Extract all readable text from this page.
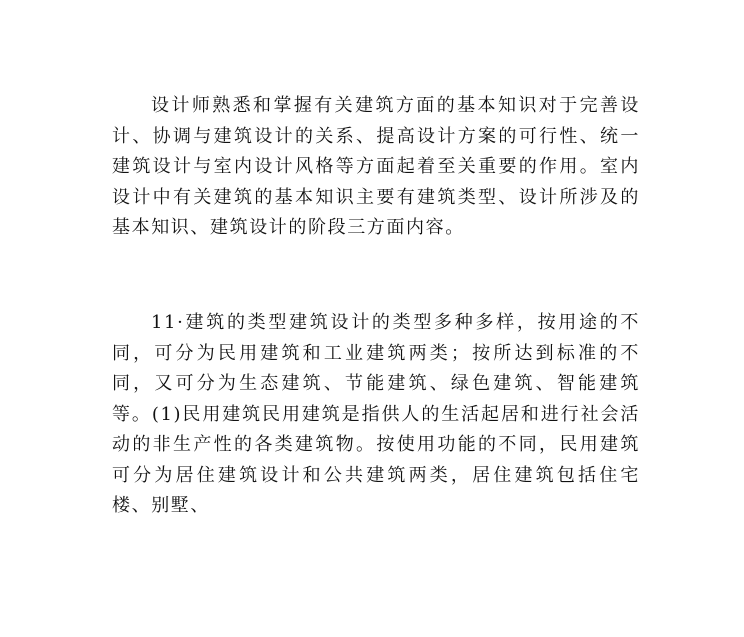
设计师熟悉和掌握有关建筑方面的基本知识对于完善设计、协调与建筑设计的关系、提高设计方案的可行性、统一建筑设计与室内设计风格等方面起着至关重要的作用。室内设计中有关建筑的基本知识主要有建筑类型、设计所涉及的基本知识、建筑设计的阶段三方面内容。

11·建筑的类型建筑设计的类型多种多样，按用途的不同，可分为民用建筑和工业建筑两类；按所达到标准的不同，又可分为生态建筑、节能建筑、绿色建筑、智能建筑等。(1)民用建筑民用建筑是指供人的生活起居和进行社会活动的非生产性的各类建筑物。按使用功能的不同，民用建筑可分为居住建筑设计和公共建筑两类，居住建筑包括住宅楼、别墅、
